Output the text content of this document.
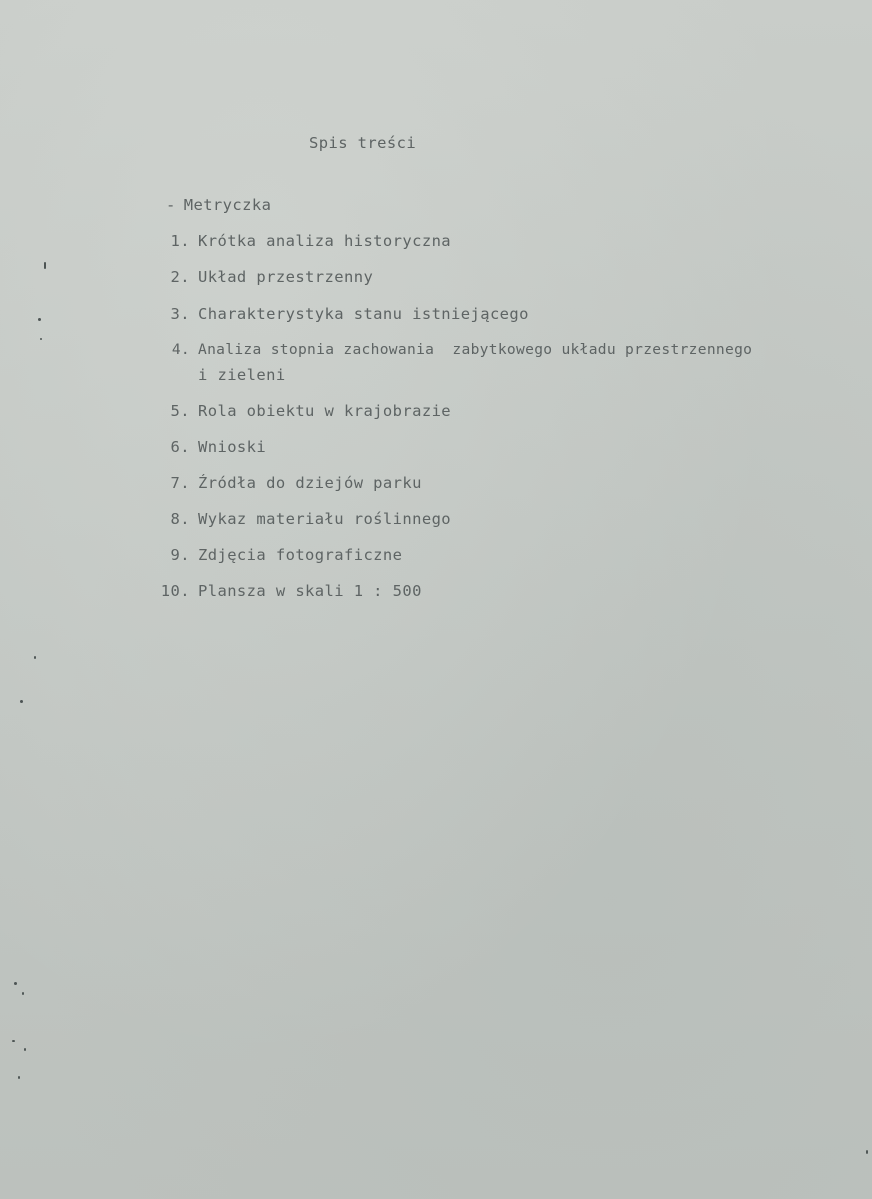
Spis treści
- Metryczka
1. Krótka analiza historyczna
2. Układ przestrzenny
3. Charakterystyka stanu istniejącego
4. Analiza stopnia zachowania  zabytkowego układu przestrzennego
i zieleni
5. Rola obiektu w krajobrazie
6. Wnioski
7. Źródła do dziejów parku
8. Wykaz materiału roślinnego
9. Zdjęcia fotograficzne
10. Plansza w skali 1 : 500
